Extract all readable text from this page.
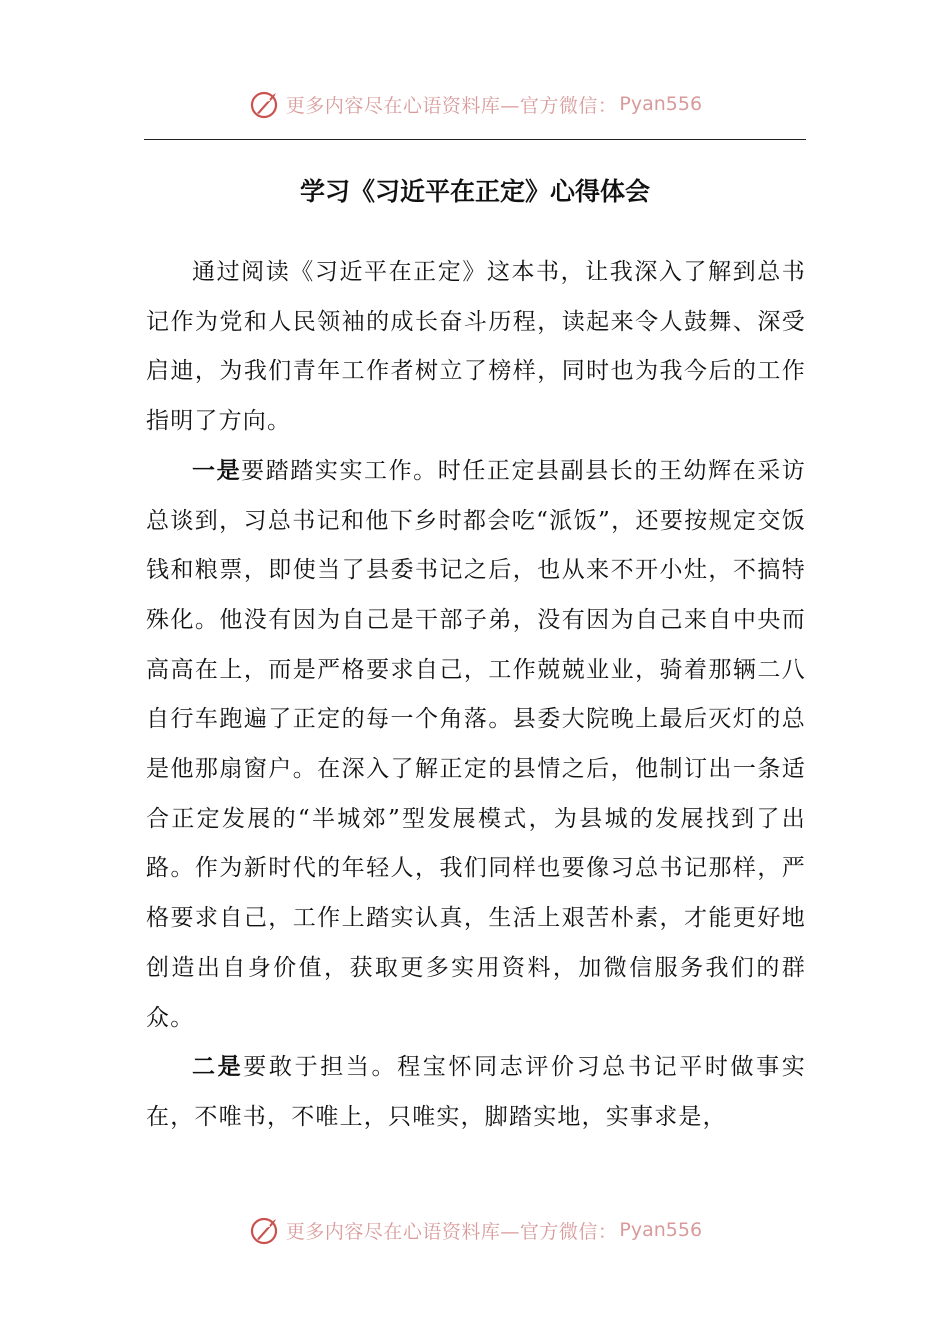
更多内容尽在心语资料库—官方微信： Pyan556
学习《习近平在正定》心得体会

通过阅读《习近平在正定》这本书，让我深入了解到总书记作为党和人民领袖的成长奋斗历程，读起来令人鼓舞、深受启迪，为我们青年工作者树立了榜样，同时也为我今后的工作指明了方向。

一是要踏踏实实工作。时任正定县副县长的王幼辉在采访总谈到，习总书记和他下乡时都会吃“派饭”，还要按规定交饭钱和粮票，即使当了县委书记之后，也从来不开小灶，不搞特殊化。他没有因为自己是干部子弟，没有因为自己来自中央而高高在上，而是严格要求自己，工作兢兢业业，骑着那辆二八自行车跑遍了正定的每一个角落。县委大院晚上最后灭灯的总是他那扇窗户。在深入了解正定的县情之后，他制订出一条适合正定发展的“半城郊”型发展模式，为县城的发展找到了出路。作为新时代的年轻人，我们同样也要像习总书记那样，严格要求自己，工作上踏实认真，生活上艰苦朴素，才能更好地创造出自身价值，获取更多实用资料，加微信服务我们的群众。

二是要敢于担当。程宝怀同志评价习总书记平时做事实在，不唯书，不唯上，只唯实，脚踏实地，实事求是，

更多内容尽在心语资料库—官方微信： Pyan556
